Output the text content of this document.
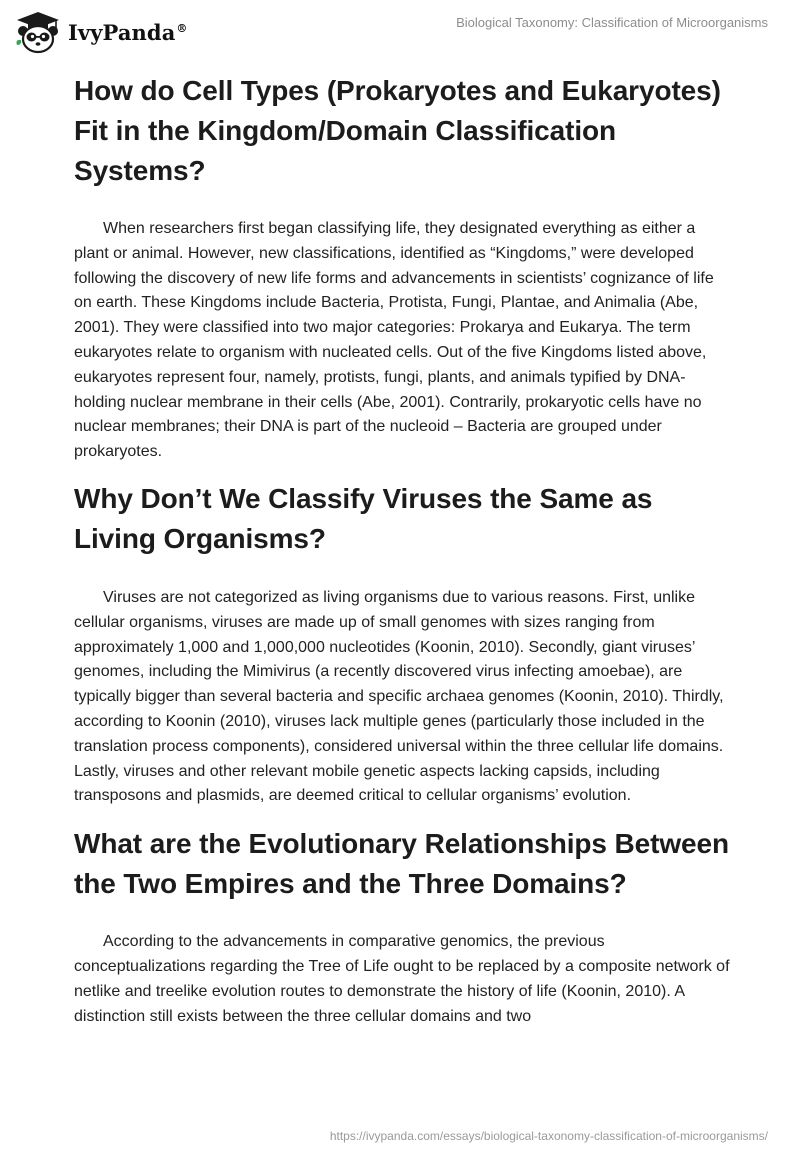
IvyPanda®	Biological Taxonomy: Classification of Microorganisms
How do Cell Types (Prokaryotes and Eukaryotes) Fit in the Kingdom/Domain Classification Systems?

When researchers first began classifying life, they designated everything as either a plant or animal. However, new classifications, identified as “Kingdoms,” were developed following the discovery of new life forms and advancements in scientists’ cognizance of life on earth. These Kingdoms include Bacteria, Protista, Fungi, Plantae, and Animalia (Abe, 2001). They were classified into two major categories: Prokarya and Eukarya. The term eukaryotes relate to organism with nucleated cells. Out of the five Kingdoms listed above, eukaryotes represent four, namely, protists, fungi, plants, and animals typified by DNA-holding nuclear membrane in their cells (Abe, 2001). Contrarily, prokaryotic cells have no nuclear membranes; their DNA is part of the nucleoid – Bacteria are grouped under prokaryotes.

Why Don’t We Classify Viruses the Same as Living Organisms?

Viruses are not categorized as living organisms due to various reasons. First, unlike cellular organisms, viruses are made up of small genomes with sizes ranging from approximately 1,000 and 1,000,000 nucleotides (Koonin, 2010). Secondly, giant viruses’ genomes, including the Mimivirus (a recently discovered virus infecting amoebae), are typically bigger than several bacteria and specific archaea genomes (Koonin, 2010). Thirdly, according to Koonin (2010), viruses lack multiple genes (particularly those included in the translation process components), considered universal within the three cellular life domains. Lastly, viruses and other relevant mobile genetic aspects lacking capsids, including transposons and plasmids, are deemed critical to cellular organisms’ evolution.

What are the Evolutionary Relationships Between the Two Empires and the Three Domains?

According to the advancements in comparative genomics, the previous conceptualizations regarding the Tree of Life ought to be replaced by a composite network of netlike and treelike evolution routes to demonstrate the history of life (Koonin, 2010). A distinction still exists between the three cellular domains and two

https://ivypanda.com/essays/biological-taxonomy-classification-of-microorganisms/
